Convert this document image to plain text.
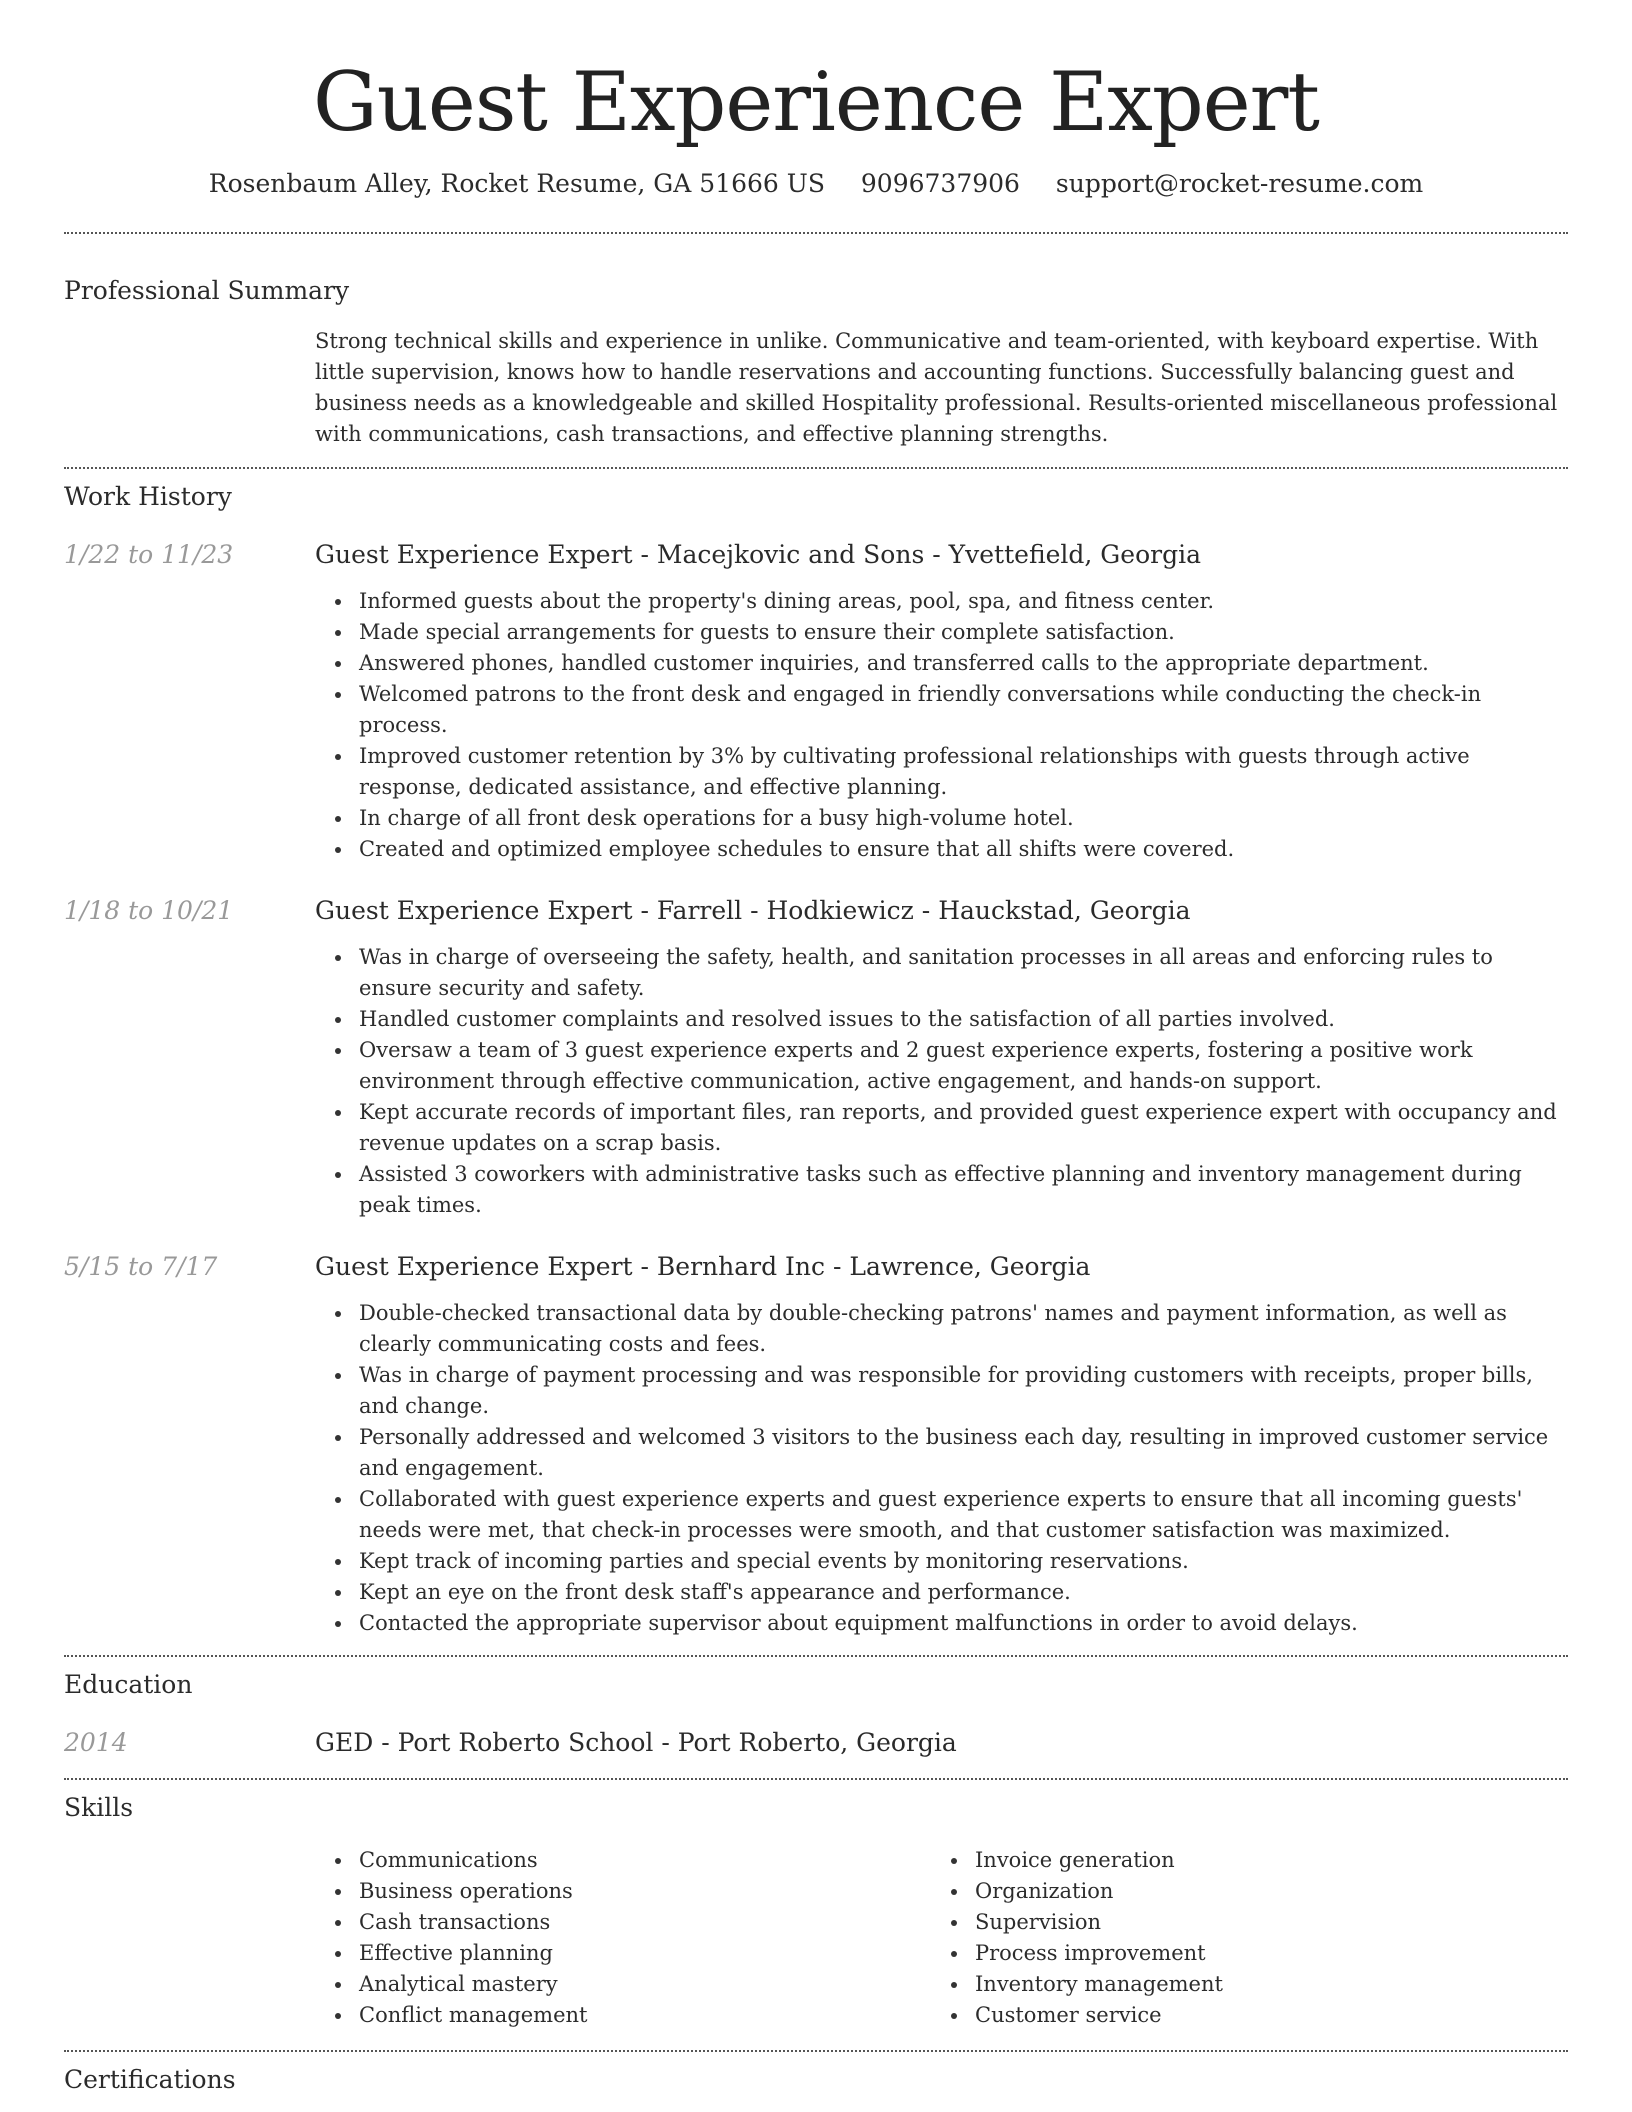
Guest Experience Expert
Rosenbaum Alley, Rocket Resume, GA 51666 US 9096737906 support@rocket-resume.com
Professional Summary
Strong technical skills and experience in unlike. Communicative and team-oriented, with keyboard expertise. With little supervision, knows how to handle reservations and accounting functions. Successfully balancing guest and business needs as a knowledgeable and skilled Hospitality professional. Results-oriented miscellaneous professional with communications, cash transactions, and effective planning strengths.
Work History
1/22 to 11/23	Guest Experience Expert - Macejkovic and Sons - Yvettefield, Georgia
Informed guests about the property's dining areas, pool, spa, and fitness center.
Made special arrangements for guests to ensure their complete satisfaction.
Answered phones, handled customer inquiries, and transferred calls to the appropriate department.
Welcomed patrons to the front desk and engaged in friendly conversations while conducting the check-in process.
Improved customer retention by 3% by cultivating professional relationships with guests through active response, dedicated assistance, and effective planning.
In charge of all front desk operations for a busy high-volume hotel.
Created and optimized employee schedules to ensure that all shifts were covered.
1/18 to 10/21	Guest Experience Expert - Farrell - Hodkiewicz - Hauckstad, Georgia
Was in charge of overseeing the safety, health, and sanitation processes in all areas and enforcing rules to ensure security and safety.
Handled customer complaints and resolved issues to the satisfaction of all parties involved.
Oversaw a team of 3 guest experience experts and 2 guest experience experts, fostering a positive work environment through effective communication, active engagement, and hands-on support.
Kept accurate records of important files, ran reports, and provided guest experience expert with occupancy and revenue updates on a scrap basis.
Assisted 3 coworkers with administrative tasks such as effective planning and inventory management during peak times.
5/15 to 7/17	Guest Experience Expert - Bernhard Inc - Lawrence, Georgia
Double-checked transactional data by double-checking patrons' names and payment information, as well as clearly communicating costs and fees.
Was in charge of payment processing and was responsible for providing customers with receipts, proper bills, and change.
Personally addressed and welcomed 3 visitors to the business each day, resulting in improved customer service and engagement.
Collaborated with guest experience experts and guest experience experts to ensure that all incoming guests' needs were met, that check-in processes were smooth, and that customer satisfaction was maximized.
Kept track of incoming parties and special events by monitoring reservations.
Kept an eye on the front desk staff's appearance and performance.
Contacted the appropriate supervisor about equipment malfunctions in order to avoid delays.
Education
2014	GED - Port Roberto School - Port Roberto, Georgia
Skills
Communications
Business operations
Cash transactions
Effective planning
Analytical mastery
Conflict management
Invoice generation
Organization
Supervision
Process improvement
Inventory management
Customer service
Certifications
